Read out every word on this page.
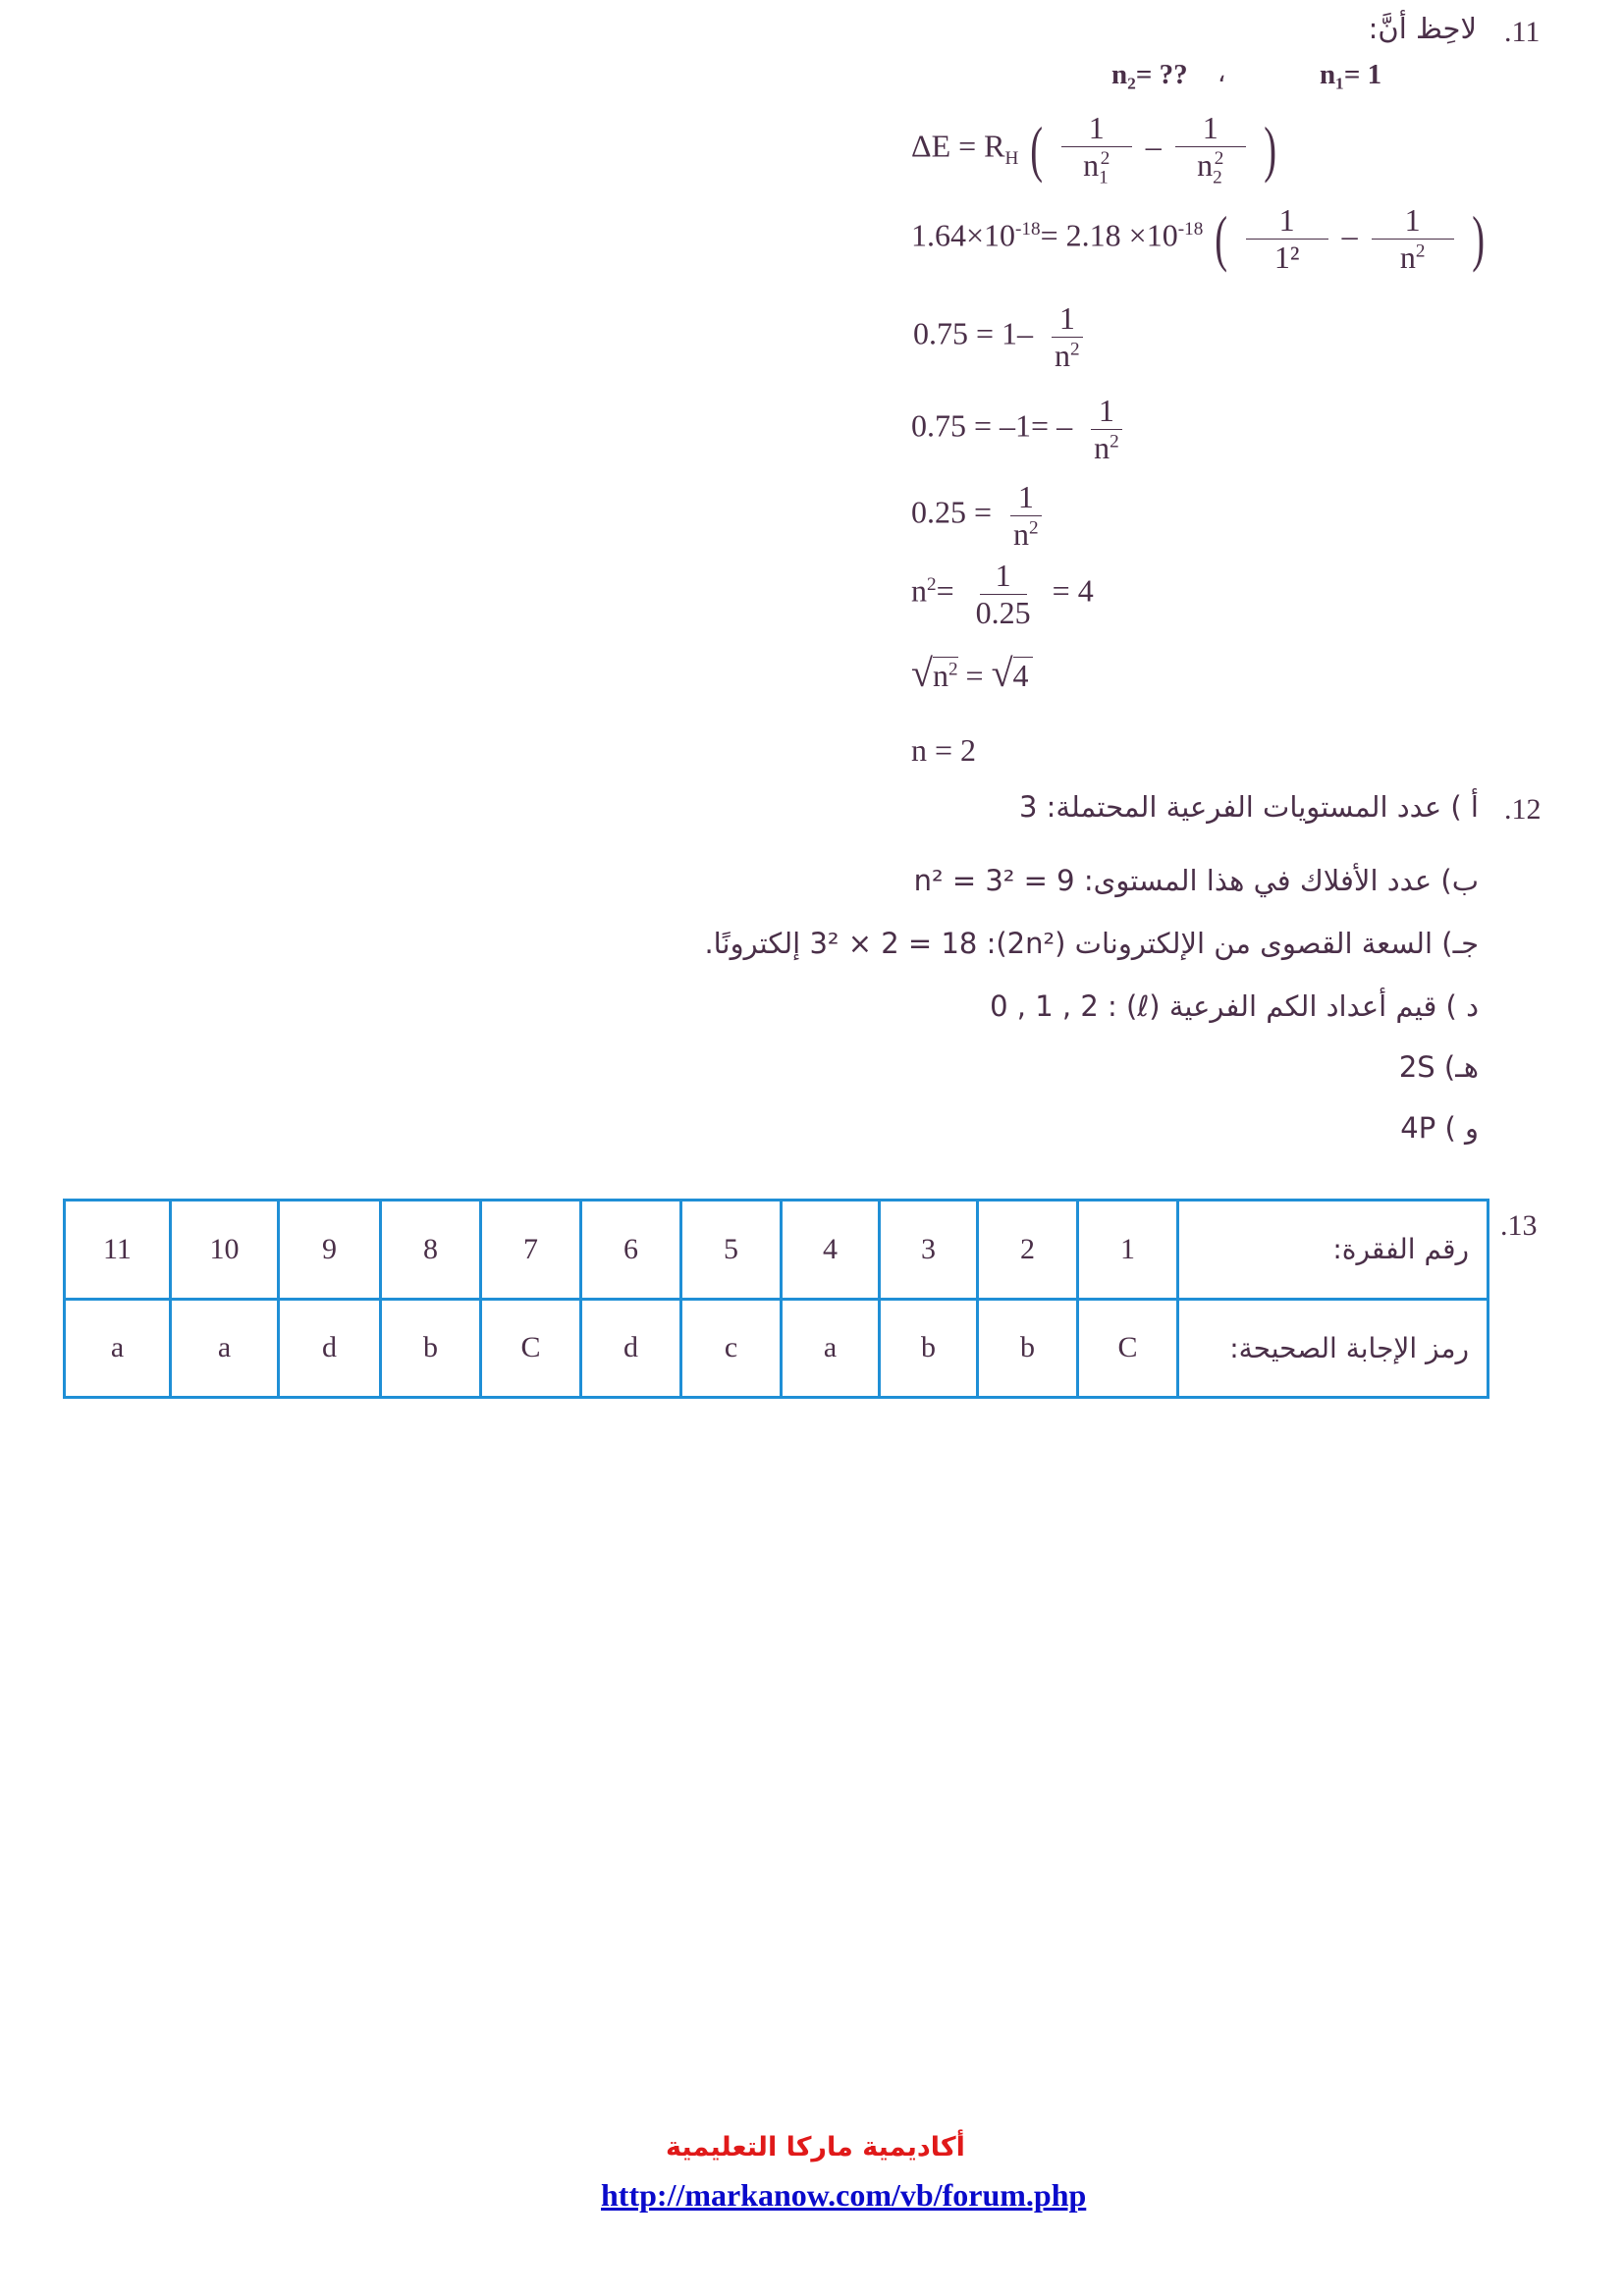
.11
لاحِظ أنَّ:
n₂= ?? ،	n₁= 1
$\Delta E = R_H$ ( $\frac{1}{n_1^2} - \frac{1}{n_2^2}$ )
$1.64\times 10^{-18}= 2.18 \times 10^{-18}$ ( $\frac{1}{\text{1²}} - \frac{1}{n^2}$ )
$0.75 = 1- \frac{1}{n^2}$
$0.75 = -1= - \frac{1}{n^2}$
$0.25 = \frac{1}{n^2}$
$n^2= \frac{1}{0.25} = 4$
$√n^2 = √4$
n = 2
.12
أ ) عدد المستويات الفرعية المحتملة: 3
ب) عدد الأفلاك في هذا المستوى: n² = 3² = 9
جـ) السعة القصوى من الإلكترونات (2n²): 3² × 2 = 18 إلكترونًا.
د ) قيم أعداد الكم الفرعية (ℓ) : 0 , 1 , 2
هـ) 2S
و ) 4P
.13
11	10	9	8	7	6	5	4	3	2	1	رقم الفقرة:
a	a	d	b	C	d	c	a	b	b	C	رمز الإجابة الصحيحة:
أكاديمية ماركا التعليمية
http://markanow.com/vb/forum.php
